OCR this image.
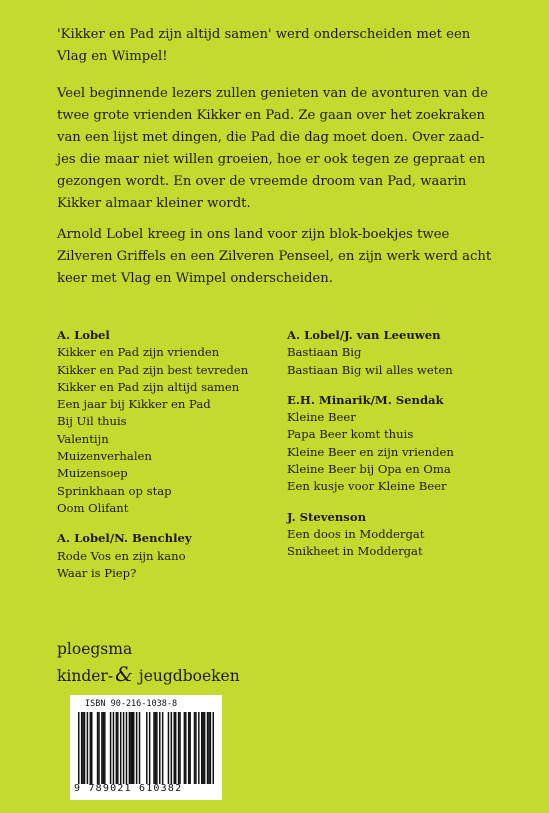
'Kikker en Pad zijn altijd samen' werd onderscheiden met een Vlag en Wimpel!

Veel beginnende lezers zullen genieten van de avonturen van de twee grote vrienden Kikker en Pad. Ze gaan over het zoekraken van een lijst met dingen, die Pad die dag moet doen. Over zaad-jes die maar niet willen groeien, hoe er ook tegen ze gepraat en gezongen wordt. En over de vreemde droom van Pad, waarin Kikker almaar kleiner wordt.

Arnold Lobel kreeg in ons land voor zijn blok-boekjes twee Zilveren Griffels en een Zilveren Penseel, en zijn werk werd acht keer met Vlag en Wimpel onderscheiden.

A. Lobel
Kikker en Pad zijn vrienden
Kikker en Pad zijn best tevreden
Kikker en Pad zijn altijd samen
Een jaar bij Kikker en Pad
Bij Uil thuis
Valentijn
Muizenverhalen
Muizensoep
Sprinkhaan op stap
Oom Olifant
A. Lobel/N. Benchley
Rode Vos en zijn kano
Waar is Piep?
A. Lobel/J. van Leeuwen
Bastiaan Big
Bastiaan Big wil alles weten
E.H. Minarik/M. Sendak
Kleine Beer
Papa Beer komt thuis
Kleine Beer en zijn vrienden
Kleine Beer bij Opa en Oma
Een kusje voor Kleine Beer
J. Stevenson
Een doos in Moddergat
Snikheet in Moddergat
ploegsma
kinder- & jeugdboeken
ISBN 90-216-1038-8
9 789021 610382
